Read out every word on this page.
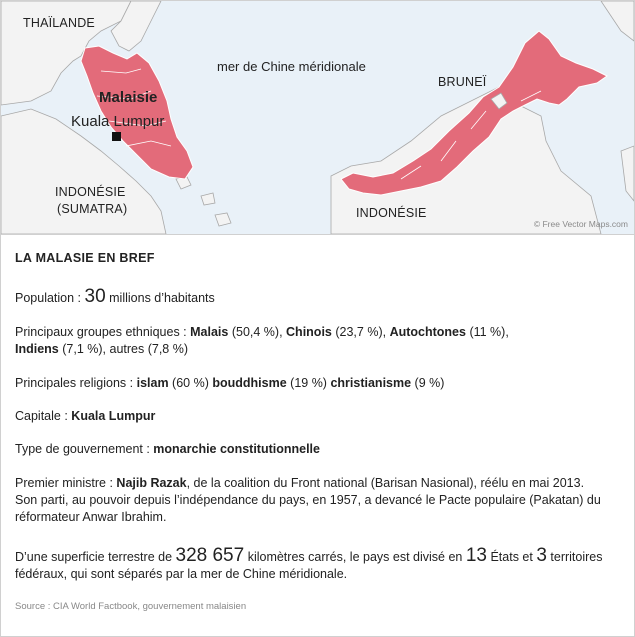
THAÏLANDE
mer de Chine méridionale
BRUNEÏ
Malaisie
Kuala Lumpur
INDONÉSIE
(SUMATRA)	INDONÉSIE
© Free Vector Maps.com
LA MALASIE EN BREF
Population : 30 millions d’habitants
Principaux groupes ethniques : Malais (50,4 %), Chinois (23,7 %), Autochtones (11 %),
Indiens (7,1 %), autres (7,8 %)
Principales religions : islam (60 %) bouddhisme (19 %) christianisme (9 %)
Capitale : Kuala Lumpur
Type de gouvernement : monarchie constitutionnelle
Premier ministre : Najib Razak, de la coalition du Front national (Barisan Nasional), réélu en mai 2013.
Son parti, au pouvoir depuis l’indépendance du pays, en 1957, a devancé le Pacte populaire (Pakatan) du
réformateur Anwar Ibrahim.
D’une superficie terrestre de 328 657 kilomètres carrés, le pays est divisé en 13 États et 3 territoires
fédéraux, qui sont séparés par la mer de Chine méridionale.
Source : CIA World Factbook, gouvernement malaisien
